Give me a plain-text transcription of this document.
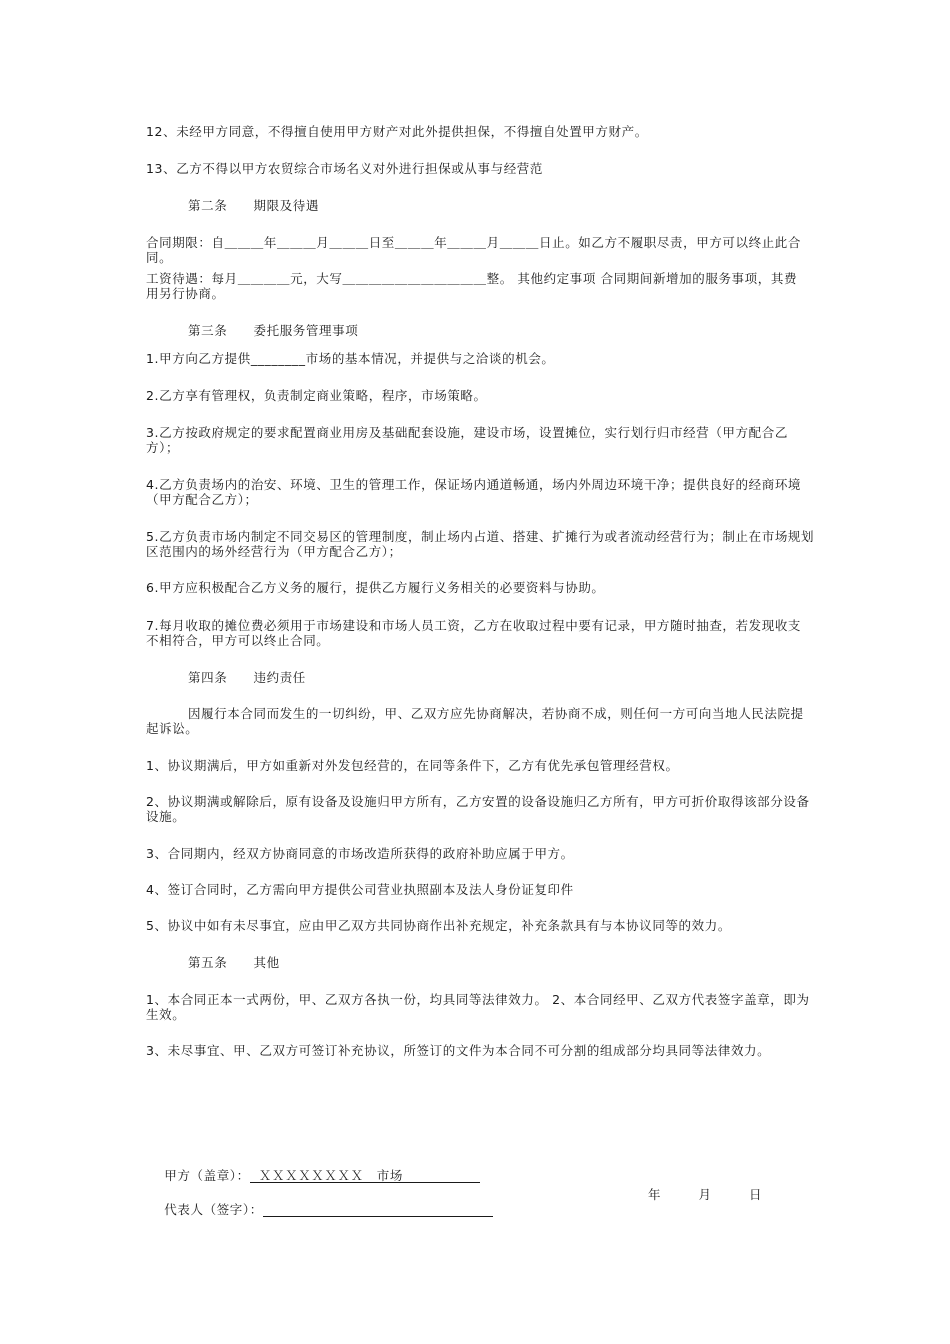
12、未经甲方同意，不得擅自使用甲方财产对此外提供担保，不得擅自处置甲方财产。

13、乙方不得以甲方农贸综合市场名义对外进行担保或从事与经营范

第二条　　期限及待遇

合同期限：自＿＿＿年＿＿＿月＿＿＿日至＿＿＿年＿＿＿月＿＿＿日止。如乙方不履职尽责，甲方可以终止此合同。

工资待遇：每月＿＿＿＿元，大写＿＿＿＿＿＿＿＿＿＿＿整。 其他约定事项 合同期间新增加的服务事项，其费用另行协商。

第三条　　委托服务管理事项

1.甲方向乙方提供________市场的基本情况，并提供与之洽谈的机会。

2.乙方享有管理权，负责制定商业策略，程序，市场策略。

3.乙方按政府规定的要求配置商业用房及基础配套设施，建设市场，设置摊位，实行划行归市经营（甲方配合乙方）；

4.乙方负责场内的治安、环境、卫生的管理工作，保证场内通道畅通，场内外周边环境干净；提供良好的经商环境（甲方配合乙方）；

5.乙方负责市场内制定不同交易区的管理制度，制止场内占道、搭建、扩摊行为或者流动经营行为；制止在市场规划区范围内的场外经营行为（甲方配合乙方）；

6.甲方应积极配合乙方义务的履行，提供乙方履行义务相关的必要资料与协助。

7.每月收取的摊位费必须用于市场建设和市场人员工资，乙方在收取过程中要有记录，甲方随时抽查，若发现收支不相符合，甲方可以终止合同。

第四条　　违约责任

因履行本合同而发生的一切纠纷，甲、乙双方应先协商解决，若协商不成，则任何一方可向当地人民法院提起诉讼。

1、协议期满后，甲方如重新对外发包经营的，在同等条件下，乙方有优先承包管理经营权。

2、协议期满或解除后，原有设备及设施归甲方所有，乙方安置的设备设施归乙方所有，甲方可折价取得该部分设备设施。

3、合同期内，经双方协商同意的市场改造所获得的政府补助应属于甲方。

4、签订合同时，乙方需向甲方提供公司营业执照副本及法人身份证复印件

5、协议中如有未尽事宜，应由甲乙双方共同协商作出补充规定，补充条款具有与本协议同等的效力。

第五条　　其他

1、本合同正本一式两份，甲、乙双方各执一份，均具同等法律效力。 2、本合同经甲、乙双方代表签字盖章，即为生效。

3、未尽事宜、甲、乙双方可签订补充协议，所签订的文件为本合同不可分割的组成部分均具同等法律效力。

甲方（盖章）：  ＸＸＸＸＸＸＸＸ　市场

代表人（签字）：

年	月	日
